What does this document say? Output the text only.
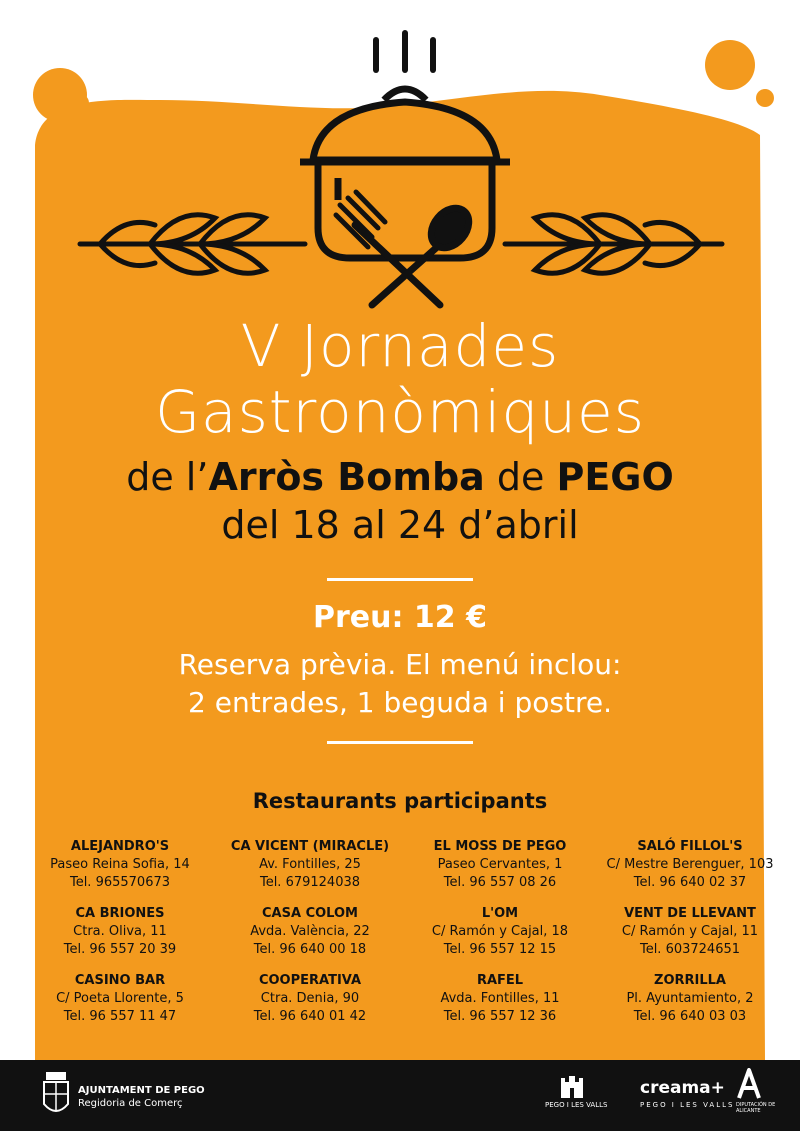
V Jornades
Gastronòmiques
de l’Arròs Bomba de PEGO
del 18 al 24 d’abril
Preu: 12 €
Reserva prèvia. El menú inclou:
2 entrades, 1 beguda i postre.
Restaurants participants
ALEJANDRO'S
Paseo Reina Sofia, 14
Tel. 965570673
CA VICENT (MIRACLE)
Av. Fontilles, 25
Tel. 679124038
EL MOSS DE PEGO
Paseo Cervantes, 1
Tel. 96 557 08 26
SALÓ FILLOL'S
C/ Mestre Berenguer, 103
Tel. 96 640 02 37
CA BRIONES
Ctra. Oliva, 11
Tel. 96 557 20 39
CASA COLOM
Avda. València, 22
Tel. 96 640 00 18
L'OM
C/ Ramón y Cajal, 18
Tel. 96 557 12 15
VENT DE LLEVANT
C/ Ramón y Cajal, 11
Tel. 603724651
CASINO BAR
C/ Poeta Llorente, 5
Tel. 96 557 11 47
COOPERATIVA
Ctra. Denia, 90
Tel. 96 640 01 42
RAFEL
Avda. Fontilles, 11
Tel. 96 557 12 36
ZORRILLA
Pl. Ayuntamiento, 2
Tel. 96 640 03 03
AJUNTAMENT DE PEGO
Regidoria de Comerç	PEGO I LES VALLS
creama+
PEGO I LES VALLS DIPUTACIÓN DE ALICANTE
